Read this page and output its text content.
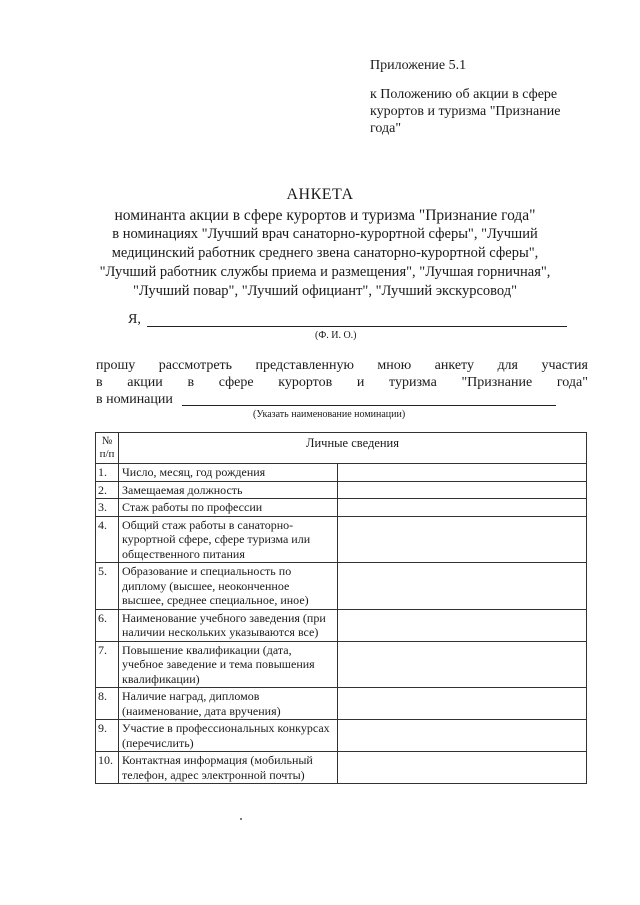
Приложение 5.1
к Положению об акции в сфере курортов и туризма "Признание года"
АНКЕТА
номинанта акции в сфере курортов и туризма "Признание года"
в номинациях "Лучший врач санаторно-курортной сферы", "Лучший
медицинский работник среднего звена санаторно-курортной сферы",
"Лучший работник службы приема и размещения", "Лучшая горничная",
"Лучший повар", "Лучший официант", "Лучший экскурсовод"
Я,
(Ф. И. О.)
прошу рассмотреть представленную мною анкету для участия
в акции в сфере курортов и туризма "Признание года"
в номинации
(Указать наименование номинации)
№ п/п	Личные сведения	
1.	Число, месяц, год рождения	
2.	Замещаемая должность	
3.	Стаж работы по профессии	
4.	Общий стаж работы в санаторно-курортной сфере, сфере туризма или общественного питания	
5.	Образование и специальность по диплому (высшее, неоконченное высшее, среднее специальное, иное)	
6.	Наименование учебного заведения (при наличии нескольких указываются все)	
7.	Повышение квалификации (дата, учебное заведение и тема повышения квалификации)	
8.	Наличие наград, дипломов (наименование, дата вручения)	
9.	Участие в профессиональных конкурсах (перечислить)	
10.	Контактная информация (мобильный телефон, адрес электронной почты)	
